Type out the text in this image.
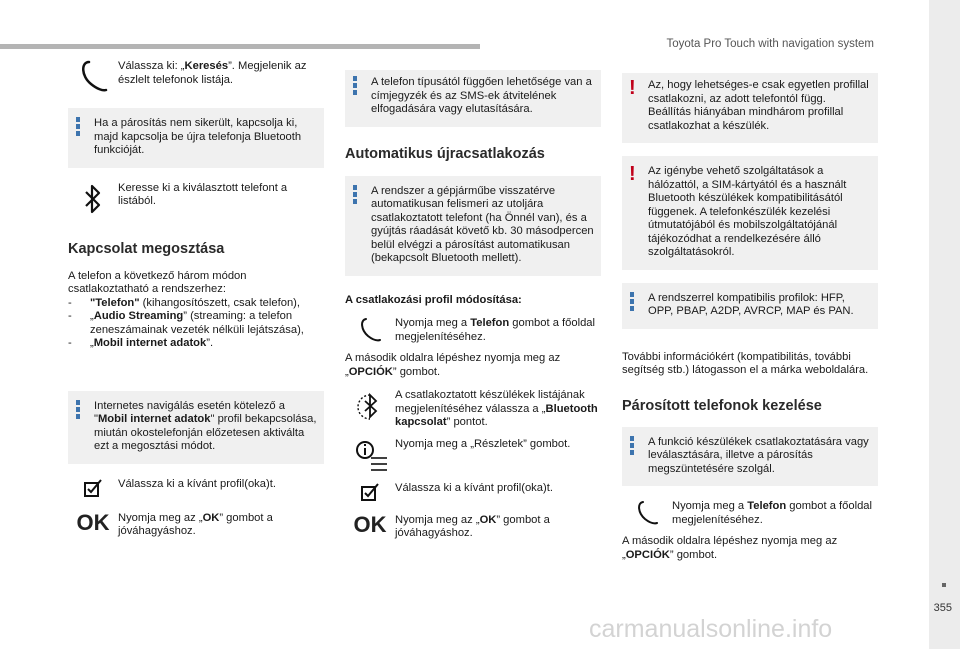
Toyota Pro Touch with navigation system

Válassza ki: „Keresés”. Megjelenik az észlelt telefonok listája.

Ha a párosítás nem sikerült, kapcsolja ki, majd kapcsolja be újra telefonja Bluetooth funkcióját.

Keresse ki a kiválasztott telefont a listából.

Kapcsolat megosztása

A telefon a következő három módon csatlakoztatható a rendszerhez:

-	"Telefon" (kihangosítószett, csak telefon),

-	„Audio Streaming” (streaming: a telefon zeneszámainak vezeték nélküli lejátszása),

-	„Mobil internet adatok”.

Internetes navigálás esetén kötelező a "Mobil internet adatok" profil bekapcsolása, miután okostelefonján előzetesen aktiválta ezt a megosztási módot.

Válassza ki a kívánt profil(oka)t.

OK Nyomja meg az „OK” gombot a jóváhagyáshoz.

A telefon típusától függően lehetősége van a címjegyzék és az SMS-ek átvitelének elfogadására vagy elutasítására.

Automatikus újracsatlakozás

A rendszer a gépjárműbe visszatérve automatikusan felismeri az utoljára csatlakoztatott telefont (ha Önnél van), és a gyújtás ráadását követő kb. 30 másodpercen belül elvégzi a párosítást automatikusan (bekapcsolt Bluetooth mellett).

A csatlakozási profil módosítása:

Nyomja meg a Telefon gombot a főoldal megjelenítéséhez.

A második oldalra lépéshez nyomja meg az „OPCIÓK” gombot.

A csatlakoztatott készülékek listájának megjelenítéséhez válassza a „Bluetooth kapcsolat” pontot.

Nyomja meg a „Részletek” gombot.

Válassza ki a kívánt profil(oka)t.

OK Nyomja meg az „OK” gombot a jóváhagyáshoz.

!	Az, hogy lehetséges-e csak egyetlen profillal csatlakozni, az adott telefontól függ.
Beállítás hiányában mindhárom profillal csatlakozhat a készülék.

!	Az igénybe vehető szolgáltatások a hálózattól, a SIM-kártyától és a használt Bluetooth készülékek kompatibilitásától függenek. A telefonkészülék kezelési útmutatójából és mobilszolgáltatójánál tájékozódhat a rendelkezésére álló szolgáltatásokról.

A rendszerrel kompatibilis profilok: HFP, OPP, PBAP, A2DP, AVRCP, MAP és PAN.

További információkért (kompatibilitás, további segítség stb.) látogasson el a márka weboldalára.

Párosított telefonok kezelése

A funkció készülékek csatlakoztatására vagy leválasztására, illetve a párosítás megszüntetésére szolgál.

Nyomja meg a Telefon gombot a főoldal megjelenítéséhez.

A második oldalra lépéshez nyomja meg az „OPCIÓK” gombot.

355
carmanualsonline.info
